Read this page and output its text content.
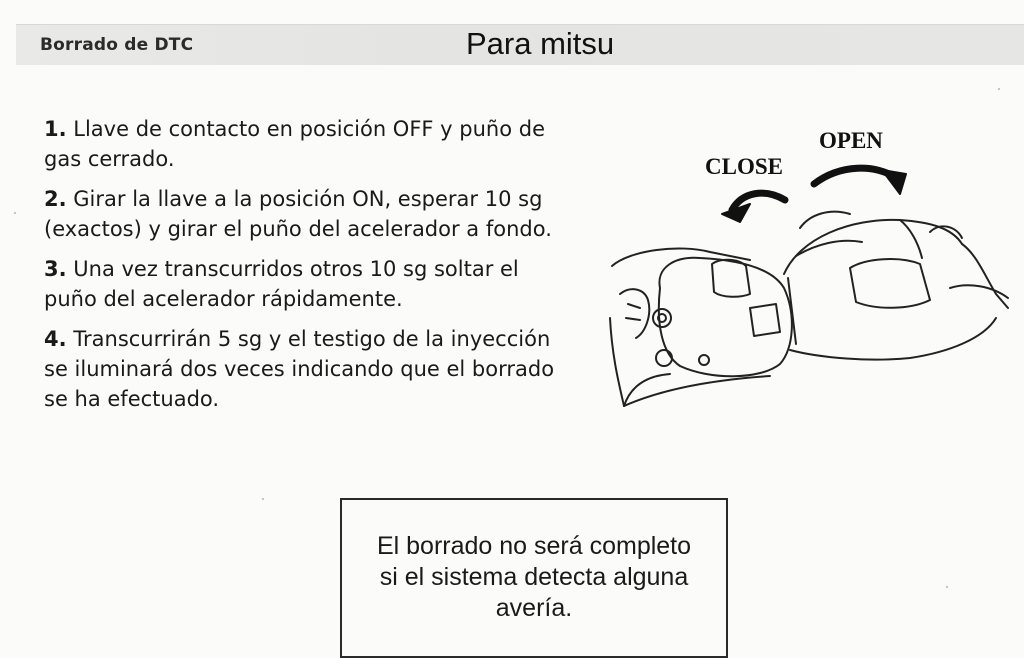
Borrado de DTC	Para mitsu

1. Llave de contacto en posición OFF y puño de gas cerrado.

2. Girar la llave a la posición ON, esperar 10 sg (exactos) y girar el puño del acelerador a fondo.

3. Una vez transcurridos otros 10 sg soltar el puño del acelerador rápidamente.

4. Transcurrirán 5 sg y el testigo de la inyección se iluminará dos veces indicando que el borrado se ha efectuado.

CLOSE
OPEN
El borrado no será completo
si el sistema detecta alguna
avería.
